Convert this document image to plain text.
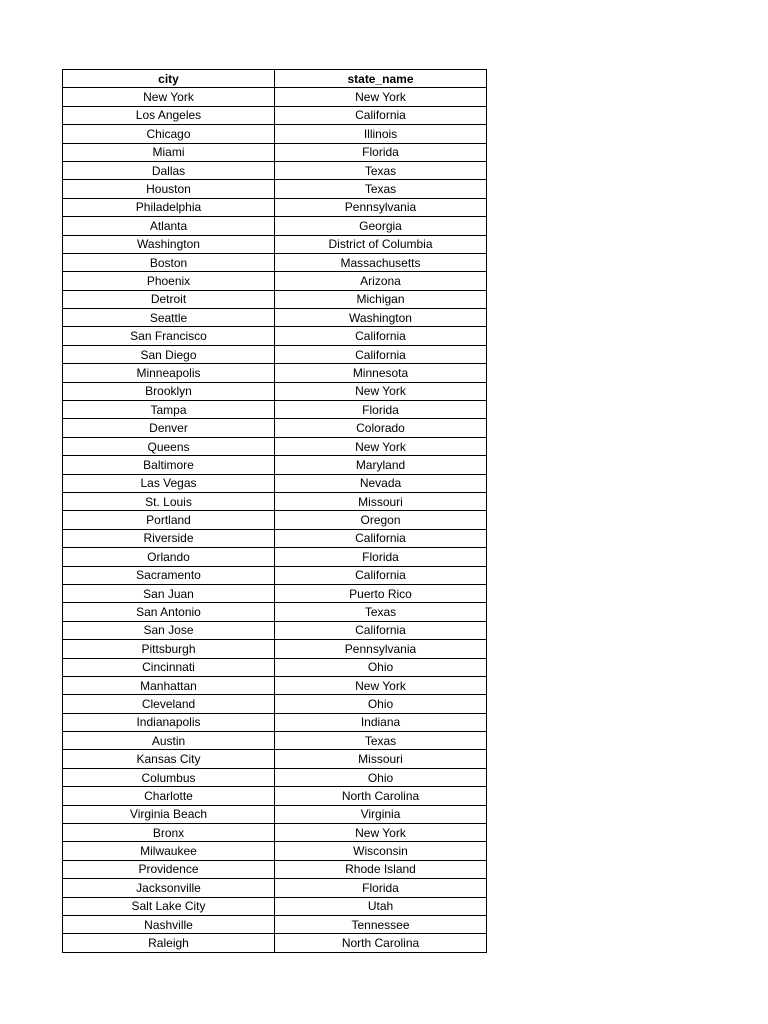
city	state_name
New York	New York
Los Angeles	California
Chicago	Illinois
Miami	Florida
Dallas	Texas
Houston	Texas
Philadelphia	Pennsylvania
Atlanta	Georgia
Washington	District of Columbia
Boston	Massachusetts
Phoenix	Arizona
Detroit	Michigan
Seattle	Washington
San Francisco	California
San Diego	California
Minneapolis	Minnesota
Brooklyn	New York
Tampa	Florida
Denver	Colorado
Queens	New York
Baltimore	Maryland
Las Vegas	Nevada
St. Louis	Missouri
Portland	Oregon
Riverside	California
Orlando	Florida
Sacramento	California
San Juan	Puerto Rico
San Antonio	Texas
San Jose	California
Pittsburgh	Pennsylvania
Cincinnati	Ohio
Manhattan	New York
Cleveland	Ohio
Indianapolis	Indiana
Austin	Texas
Kansas City	Missouri
Columbus	Ohio
Charlotte	North Carolina
Virginia Beach	Virginia
Bronx	New York
Milwaukee	Wisconsin
Providence	Rhode Island
Jacksonville	Florida
Salt Lake City	Utah
Nashville	Tennessee
Raleigh	North Carolina
